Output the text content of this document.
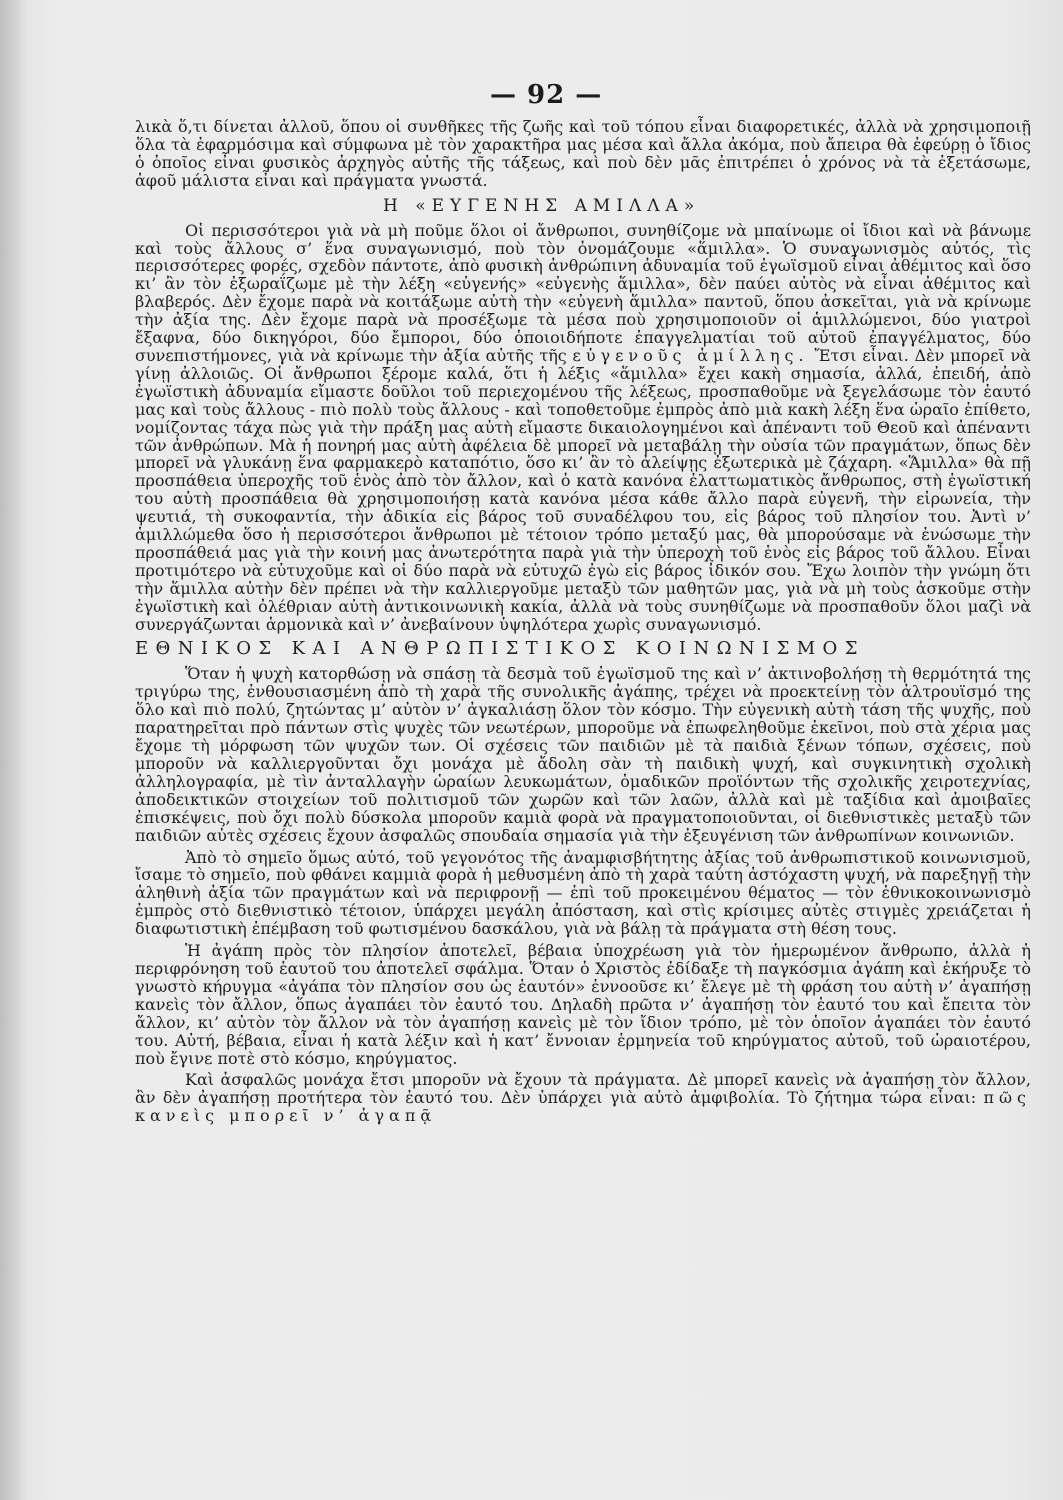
— 92 —

λικὰ ὅ,τι δίνεται ἀλλοῦ, ὅπου οἱ συνθῆκες τῆς ζωῆς καὶ τοῦ τόπου εἶναι διαφορετικές, ἀλλὰ νὰ χρησιμοποιῇ ὅλα τὰ ἐφαρμόσιμα καὶ σύμφωνα μὲ τὸν χαρακτῆρα μας μέσα καὶ ἄλλα ἀκόμα, ποὺ ἄπειρα θὰ ἐφεύρῃ ὁ ἴδιος ὁ ὁποῖος εἶναι φυσικὸς ἀρχηγὸς αὐτῆς τῆς τάξεως, καὶ ποὺ δὲν μᾶς ἐπιτρέπει ὁ χρόνος νὰ τὰ ἐξετάσωμε, ἀφοῦ μάλιστα εἶναι καὶ πράγματα γνωστά.

Η «ΕΥΓΕΝΗΣ ΑΜΙΛΛΑ»

Οἱ περισσότεροι γιὰ νὰ μὴ ποῦμε ὅλοι οἱ ἄνθρωποι, συνηθίζομε νὰ μπαίνωμε οἱ ἴδιοι καὶ νὰ βάνωμε καὶ τοὺς ἄλλους σ’ ἕνα συναγωνισμό, ποὺ τὸν ὀνομάζουμε «ἅμιλλα». Ὁ συναγωνισμὸς αὐτός, τὶς περισσότερες φορές, σχεδὸν πάντοτε, ἀπὸ φυσικὴ ἀνθρώπινη ἀδυναμία τοῦ ἐγωϊσμοῦ εἶναι ἀθέμιτος καὶ ὅσο κι’ ἂν τὸν ἐξωραΐζωμε μὲ τὴν λέξη «εὐγενής» «εὐγενὴς ἅμιλλα», δὲν παύει αὐτὸς νὰ εἶναι ἀθέμιτος καὶ βλαβερός. Δὲν ἔχομε παρὰ νὰ κοιτάξωμε αὐτὴ τὴν «εὐγενὴ ἅμιλλα» παντοῦ, ὅπου ἀσκεῖται, γιὰ νὰ κρίνωμε τὴν ἀξία της. Δὲν ἔχομε παρὰ νὰ προσέξωμε τὰ μέσα ποὺ χρησιμοποιοῦν οἱ ἁμιλλώμενοι, δύο γιατροὶ ἔξαφνα, δύο δικηγόροι, δύο ἔμποροι, δύο ὁποιοιδήποτε ἐπαγγελματίαι τοῦ αὐτοῦ ἐπαγγέλματος, δύο συνεπιστήμονες, γιὰ νὰ κρίνωμε τὴν ἀξία αὐτῆς τῆς εὐγενοῦς ἁμίλλης. Ἔτσι εἶναι. Δὲν μπορεῖ νὰ γίνῃ ἀλλοιῶς. Οἱ ἄνθρωποι ξέρομε καλά, ὅτι ἡ λέξις «ἅμιλλα» ἔχει κακὴ σημασία, ἀλλά, ἐπειδή, ἀπὸ ἐγωϊστικὴ ἀδυναμία εἴμαστε δοῦλοι τοῦ περιεχομένου τῆς λέξεως, προσπαθοῦμε νὰ ξεγελάσωμε τὸν ἑαυτό μας καὶ τοὺς ἄλλους - πιὸ πολὺ τοὺς ἄλλους - καὶ τοποθετοῦμε ἐμπρὸς ἀπὸ μιὰ κακὴ λέξη ἕνα ὡραῖο ἐπίθετο, νομίζοντας τάχα πὼς γιὰ τὴν πράξη μας αὐτὴ εἴμαστε δικαιολογημένοι καὶ ἀπέναντι τοῦ Θεοῦ καὶ ἀπέναντι τῶν ἀνθρώπων. Μὰ ἡ πονηρή μας αὐτὴ ἀφέλεια δὲ μπορεῖ νὰ μεταβάλῃ τὴν οὐσία τῶν πραγμάτων, ὅπως δὲν μπορεῖ νὰ γλυκάνῃ ἕνα φαρμακερὸ καταπότιο, ὅσο κι’ ἂν τὸ ἀλείψῃς ἐξωτερικὰ μὲ ζάχαρη. «Ἅμιλλα» θὰ πῇ προσπάθεια ὑπεροχῆς τοῦ ἑνὸς ἀπὸ τὸν ἄλλον, καὶ ὁ κατὰ κανόνα ἐλαττωματικὸς ἄνθρωπος, στὴ ἐγωϊστική του αὐτὴ προσπάθεια θὰ χρησιμοποιήσῃ κατὰ κανόνα μέσα κάθε ἄλλο παρὰ εὐγενῆ, τὴν εἰρωνεία, τὴν ψευτιά, τὴ συκοφαντία, τὴν ἀδικία εἰς βάρος τοῦ συναδέλφου του, εἰς βάρος τοῦ πλησίον του. Ἀντὶ ν’ ἁμιλλώμεθα ὅσο ἡ περισσότεροι ἄνθρωποι μὲ τέτοιον τρόπο μεταξύ μας, θὰ μπορούσαμε νὰ ἑνώσωμε τὴν προσπάθειά μας γιὰ τὴν κοινή μας ἀνωτερότητα παρὰ γιὰ τὴν ὑπεροχὴ τοῦ ἑνὸς εἰς βάρος τοῦ ἄλλου. Εἶναι προτιμότερο νὰ εὐτυχοῦμε καὶ οἱ δύο παρὰ νὰ εὐτυχῶ ἐγὼ εἰς βάρος ἰδικόν σου. Ἔχω λοιπὸν τὴν γνώμη ὅτι τὴν ἅμιλλα αὐτὴν δὲν πρέπει νὰ τὴν καλλιεργοῦμε μεταξὺ τῶν μαθητῶν μας, γιὰ νὰ μὴ τοὺς ἀσκοῦμε στὴν ἐγωϊστικὴ καὶ ὀλέθριαν αὐτὴ ἀντικοινωνικὴ κακία, ἀλλὰ νὰ τοὺς συνηθίζωμε νὰ προσπαθοῦν ὅλοι μαζὶ νὰ συνεργάζωνται ἁρμονικὰ καὶ ν’ ἀνεβαίνουν ὑψηλότερα χωρὶς συναγωνισμό.

ΕΘΝΙΚΟΣ ΚΑΙ ΑΝΘΡΩΠΙΣΤΙΚΟΣ ΚΟΙΝΩΝΙΣΜΟΣ

Ὅταν ἡ ψυχὴ κατορθώσῃ νὰ σπάσῃ τὰ δεσμὰ τοῦ ἐγωϊσμοῦ της καὶ ν’ ἀκτινοβολήσῃ τὴ θερμότητά της τριγύρω της, ἐνθουσιασμένη ἀπὸ τὴ χαρὰ τῆς συνολικῆς ἀγάπης, τρέχει νὰ προεκτείνῃ τὸν ἀλτρουϊσμό της ὅλο καὶ πιὸ πολύ, ζητώντας μ’ αὐτὸν ν’ ἀγκαλιάσῃ ὅλον τὸν κόσμο. Τὴν εὐγενικὴ αὐτὴ τάση τῆς ψυχῆς, ποὺ παρατηρεῖται πρὸ πάντων στὶς ψυχὲς τῶν νεωτέρων, μποροῦμε νὰ ἐπωφεληθοῦμε ἐκεῖνοι, ποὺ στὰ χέρια μας ἔχομε τὴ μόρφωση τῶν ψυχῶν των. Οἱ σχέσεις τῶν παιδιῶν μὲ τὰ παιδιὰ ξένων τόπων, σχέσεις, ποὺ μποροῦν νὰ καλλιεργοῦνται ὄχι μονάχα μὲ ἄδολη σὰν τὴ παιδικὴ ψυχή, καὶ συγκινητικὴ σχολικὴ ἀλληλογραφία, μὲ τὶν ἀνταλλαγὴν ὡραίων λευκωμάτων, ὁμαδικῶν προϊόντων τῆς σχολικῆς χειροτεχνίας, ἀποδεικτικῶν στοιχείων τοῦ πολιτισμοῦ τῶν χωρῶν καὶ τῶν λαῶν, ἀλλὰ καὶ μὲ ταξίδια καὶ ἀμοιβαῖες ἐπισκέψεις, ποὺ ὄχι πολὺ δύσκολα μποροῦν καμιὰ φορὰ νὰ πραγματοποιοῦνται, οἱ διεθνιστικὲς μεταξὺ τῶν παιδιῶν αὐτὲς σχέσεις ἔχουν ἀσφαλῶς σπουδαία σημασία γιὰ τὴν ἐξευγένιση τῶν ἀνθρωπίνων κοινωνιῶν.

Ἀπὸ τὸ σημεῖο ὅμως αὐτό, τοῦ γεγονότος τῆς ἀναμφισβήτητης ἀξίας τοῦ ἀνθρωπιστικοῦ κοινωνισμοῦ, ἴσαμε τὸ σημεῖο, ποὺ φθάνει καμμιὰ φορὰ ἡ μεθυσμένη ἀπὸ τὴ χαρὰ ταύτη ἀστόχαστη ψυχή, νὰ παρεξηγῇ τὴν ἀληθινὴ ἀξία τῶν πραγμάτων καὶ νὰ περιφρονῇ — ἐπὶ τοῦ προκειμένου θέματος — τὸν ἐθνικοκοινωνισμὸ ἐμπρὸς στὸ διεθνιστικὸ τέτοιον, ὑπάρχει μεγάλη ἀπόσταση, καὶ στὶς κρίσιμες αὐτὲς στιγμὲς χρειάζεται ἡ διαφωτιστικὴ ἐπέμβαση τοῦ φωτισμένου δασκάλου, γιὰ νὰ βάλῃ τὰ πράγματα στὴ θέση τους.

Ἡ ἀγάπη πρὸς τὸν πλησίον ἀποτελεῖ, βέβαια ὑποχρέωση γιὰ τὸν ἡμερωμένον ἄνθρωπο, ἀλλὰ ἡ περιφρόνηση τοῦ ἑαυτοῦ του ἀποτελεῖ σφάλμα. Ὅταν ὁ Χριστὸς ἐδίδαξε τὴ παγκόσμια ἀγάπη καὶ ἐκήρυξε τὸ γνωστὸ κήρυγμα «ἀγάπα τὸν πλησίον σου ὡς ἑαυτόν» ἐννοοῦσε κι’ ἔλεγε μὲ τὴ φράση του αὐτὴ ν’ ἀγαπήσῃ κανεὶς τὸν ἄλλον, ὅπως ἀγαπάει τὸν ἑαυτό του. Δηλαδὴ πρῶτα ν’ ἀγαπήσῃ τὸν ἑαυτό του καὶ ἔπειτα τὸν ἄλλον, κι’ αὐτὸν τὸν ἄλλον νὰ τὸν ἀγαπήσῃ κανεὶς μὲ τὸν ἴδιον τρόπο, μὲ τὸν ὁποῖον ἀγαπάει τὸν ἑαυτό του. Αὐτή, βέβαια, εἶναι ἡ κατὰ λέξιν καὶ ἡ κατ’ ἔννοιαν ἑρμηνεία τοῦ κηρύγματος αὐτοῦ, τοῦ ὡραιοτέρου, ποὺ ἔγινε ποτὲ στὸ κόσμο, κηρύγματος.

Καὶ ἀσφαλῶς μονάχα ἔτσι μποροῦν νὰ ἔχουν τὰ πράγματα. Δὲ μπορεῖ κανεὶς νὰ ἀγαπήσῃ τὸν ἄλλον, ἂν δὲν ἀγαπήσῃ προτήτερα τὸν ἑαυτό του. Δὲν ὑπάρχει γιὰ αὐτὸ ἀμφιβολία. Τὸ ζήτημα τώρα εἶναι: πῶς κανεὶς μπορεῖ ν’ ἀγαπᾷ
